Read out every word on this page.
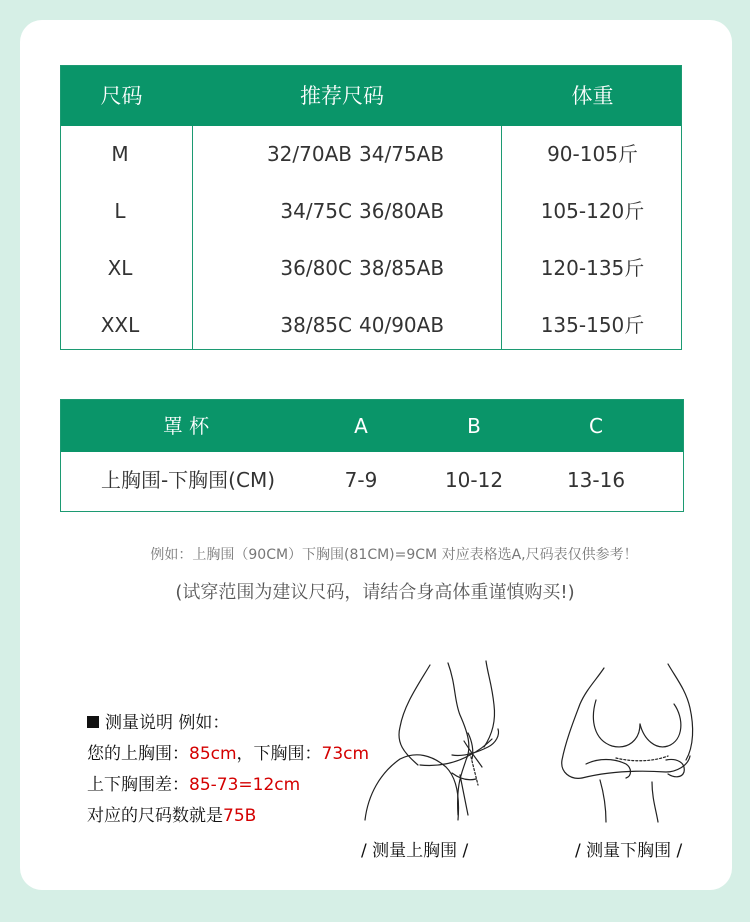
尺码	推荐尺码	体重
M	32/70AB 34/75AB	90-105斤
L	34/75C 36/80AB	105-120斤
XL	36/80C 38/85AB	120-135斤
XXL	38/85C 40/90AB	135-150斤
罩 杯	A	B	C
上胸围-下胸围(CM)	7-9	10-12	13-16
例如：上胸围（90CM）下胸围(81CM)=9CM 对应表格选A,尺码表仅供参考！
(试穿范围为建议尺码，请结合身高体重谨慎购买!)
测量说明 例如：
您的上胸围：85cm，下胸围：73cm
上下胸围差：85-73=12cm
对应的尺码数就是75B
/ 测量上胸围 /	/ 测量下胸围 /
